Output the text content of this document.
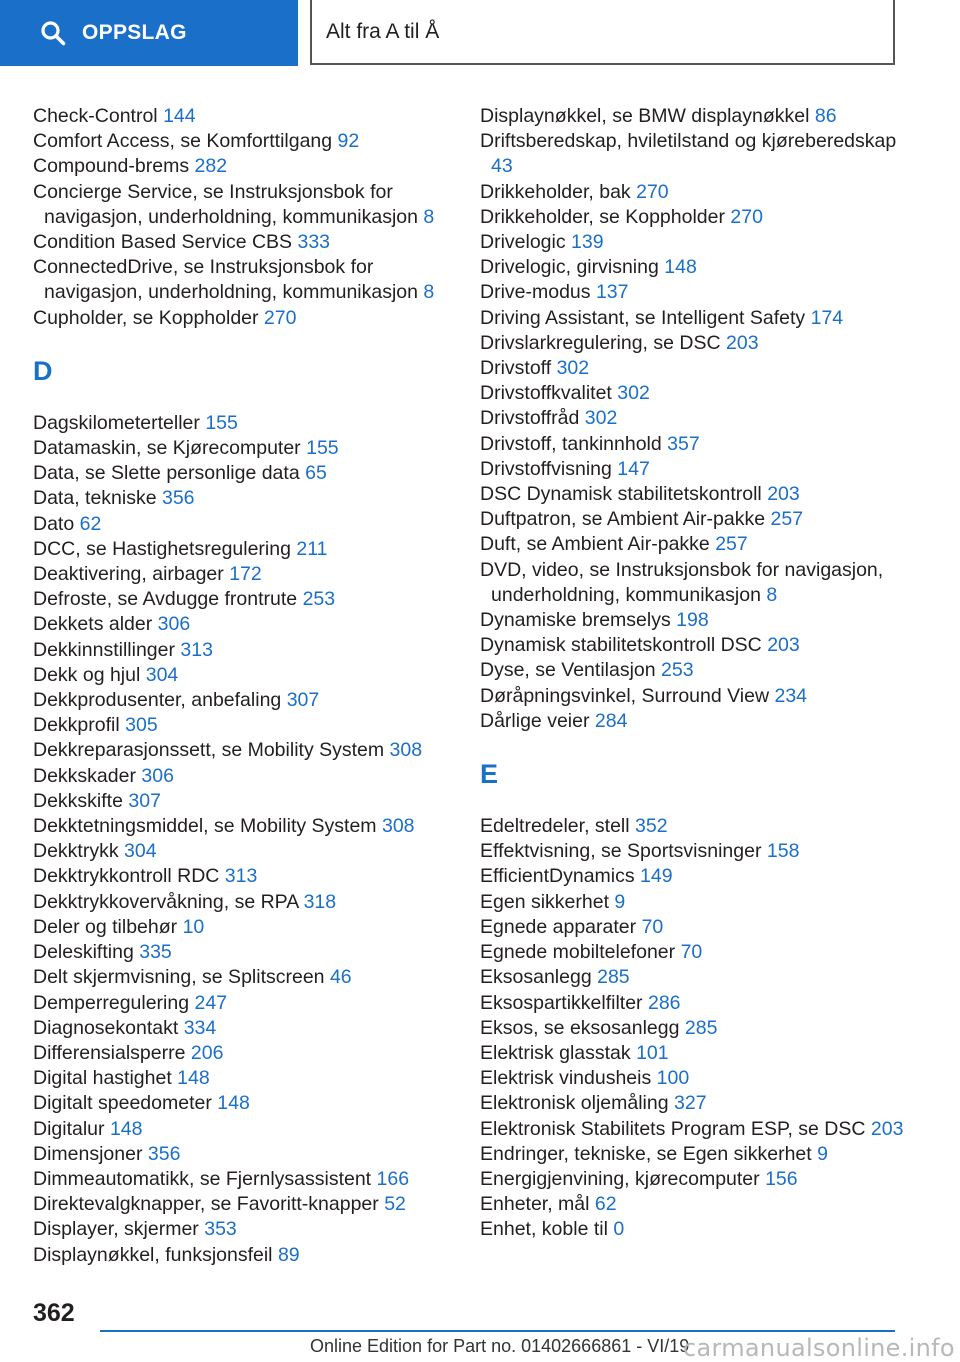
OPPSLAG	Alt fra A til Å
Check-Control 144
Comfort Access, se Komforttilgang 92
Compound-brems 282
Concierge Service, se Instruksjonsbok for navigasjon, underholdning, kommunikasjon 8
Condition Based Service CBS 333
ConnectedDrive, se Instruksjonsbok for navigasjon, underholdning, kommunikasjon 8
Cupholder, se Koppholder 270
D
Dagskilometerteller 155
Datamaskin, se Kjørecomputer 155
Data, se Slette personlige data 65
Data, tekniske 356
Dato 62
DCC, se Hastighetsregulering 211
Deaktivering, airbager 172
Defroste, se Avdugge frontrute 253
Dekkets alder 306
Dekkinnstillinger 313
Dekk og hjul 304
Dekkprodusenter, anbefaling 307
Dekkprofil 305
Dekkreparasjonssett, se Mobility System 308
Dekkskader 306
Dekkskifte 307
Dekktetningsmiddel, se Mobility System 308
Dekktrykk 304
Dekktrykkontroll RDC 313
Dekktrykkovervåkning, se RPA 318
Deler og tilbehør 10
Deleskifting 335
Delt skjermvisning, se Splitscreen 46
Demperregulering 247
Diagnosekontakt 334
Differensialsperre 206
Digital hastighet 148
Digitalt speedometer 148
Digitalur 148
Dimensjoner 356
Dimmeautomatikk, se Fjernlysassistent 166
Direktevalgknapper, se Favoritt-knapper 52
Displayer, skjermer 353
Displaynøkkel, funksjonsfeil 89
Displaynøkkel, se BMW displaynøkkel 86
Driftsberedskap, hviletilstand og kjøreberedskap 43
Drikkeholder, bak 270
Drikkeholder, se Koppholder 270
Drivelogic 139
Drivelogic, girvisning 148
Drive-modus 137
Driving Assistant, se Intelligent Safety 174
Drivslarkregulering, se DSC 203
Drivstoff 302
Drivstoffkvalitet 302
Drivstoffråd 302
Drivstoff, tankinnhold 357
Drivstoffvisning 147
DSC Dynamisk stabilitetskontroll 203
Duftpatron, se Ambient Air-pakke 257
Duft, se Ambient Air-pakke 257
DVD, video, se Instruksjonsbok for navigasjon, underholdning, kommunikasjon 8
Dynamiske bremselys 198
Dynamisk stabilitetskontroll DSC 203
Dyse, se Ventilasjon 253
Døråpningsvinkel, Surround View 234
Dårlige veier 284
E
Edeltredeler, stell 352
Effektvisning, se Sportsvisninger 158
EfficientDynamics 149
Egen sikkerhet 9
Egnede apparater 70
Egnede mobiltelefoner 70
Eksosanlegg 285
Eksospartikkelfilter 286
Eksos, se eksosanlegg 285
Elektrisk glasstak 101
Elektrisk vindusheis 100
Elektronisk oljemåling 327
Elektronisk Stabilitets Program ESP, se DSC 203
Endringer, tekniske, se Egen sikkerhet 9
Energigjenvining, kjørecomputer 156
Enheter, mål 62
Enhet, koble til 0
362
Online Edition for Part no. 01402666861 - VI/19
carmanualsonline.info
